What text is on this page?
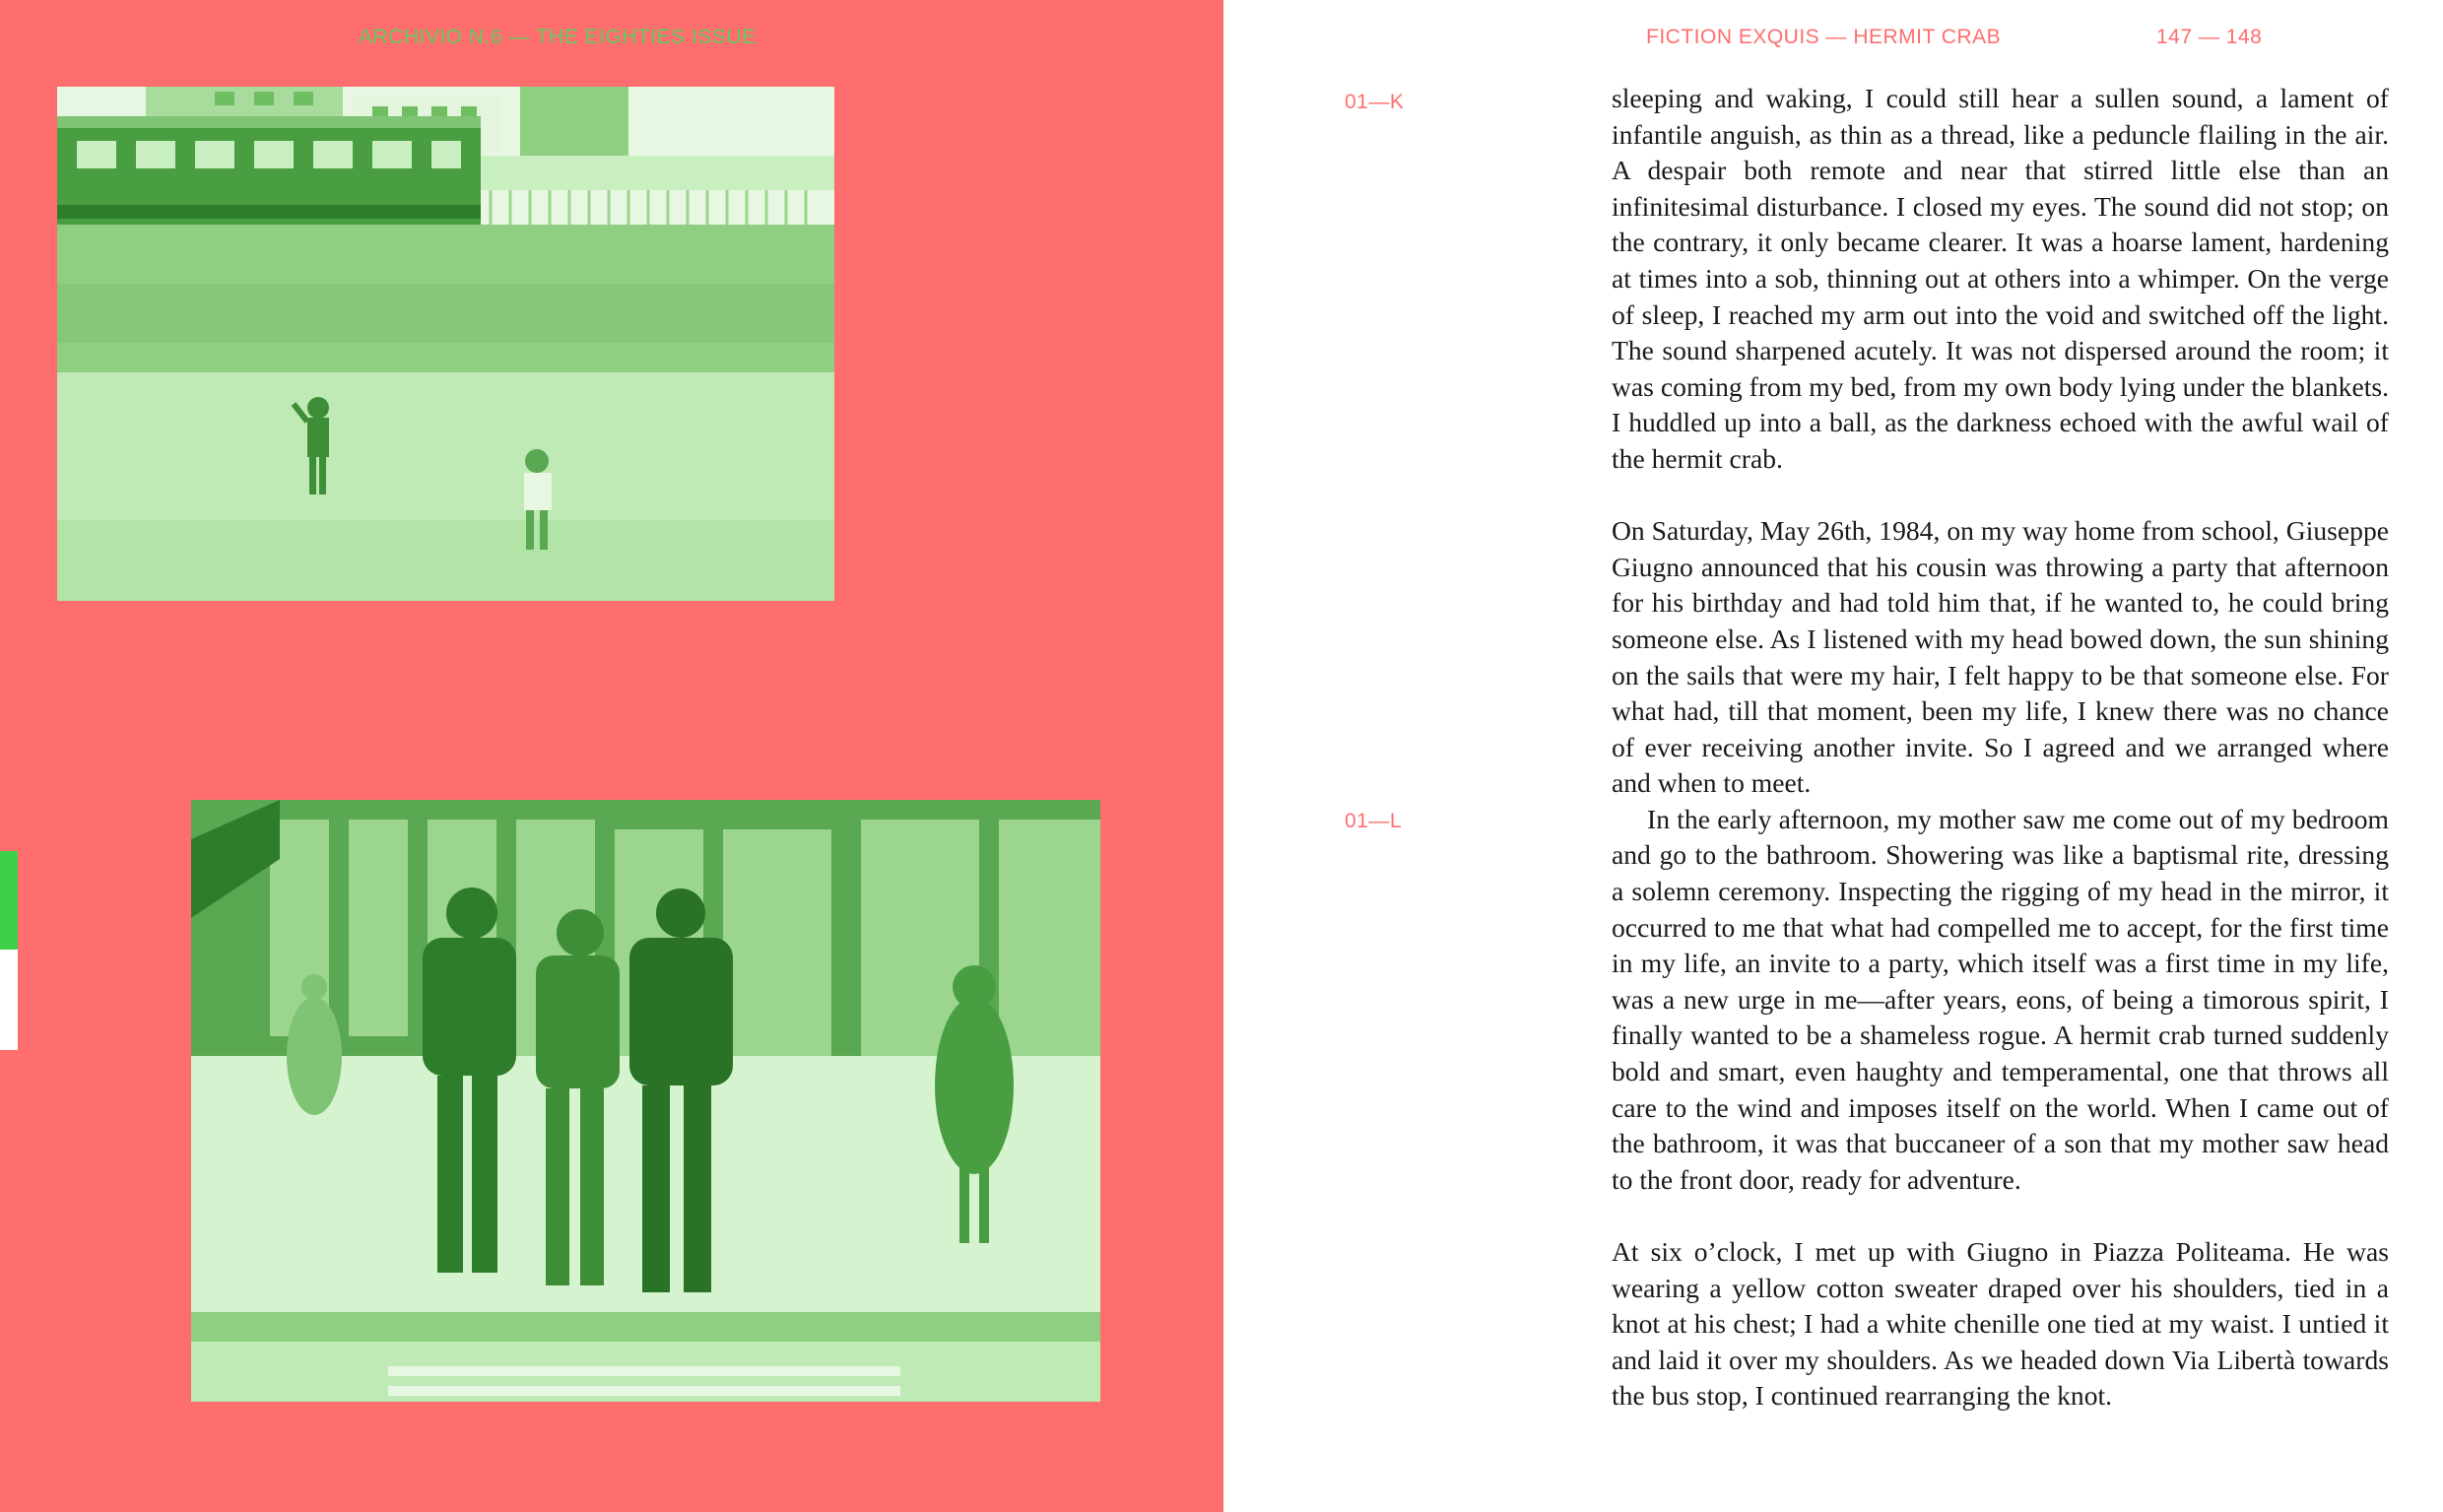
ARCHIVIO N.6 — THE EIGHTIES ISSUE	FICTION EXQUIS — HERMIT CRAB	147 — 148
01—K
01—L

sleeping and waking, I could still hear a sullen sound, a lament of infantile anguish, as thin as a thread, like a peduncle flailing in the air. A despair both remote and near that stirred little else than an infinitesimal disturbance. I closed my eyes. The sound did not stop; on the contrary, it only became clearer. It was a hoarse lament, hardening at times into a sob, thinning out at others into a whimper. On the verge of sleep, I reached my arm out into the void and switched off the light. The sound sharpened acutely. It was not dispersed around the room; it was coming from my bed, from my own body lying under the blankets. I huddled up into a ball, as the darkness echoed with the awful wail of the hermit crab.

On Saturday, May 26th, 1984, on my way home from school, Giuseppe Giugno announced that his cousin was throwing a party that afternoon for his birthday and had told him that, if he wanted to, he could bring someone else. As I listened with my head bowed down, the sun shining on the sails that were my hair, I felt happy to be that someone else. For what had, till that moment, been my life, I knew there was no chance of ever receiving another invite. So I agreed and we arranged where and when to meet.

In the early afternoon, my mother saw me come out of my bedroom and go to the bathroom. Showering was like a baptismal rite, dressing a solemn ceremony. Inspecting the rigging of my head in the mirror, it occurred to me that what had compelled me to accept, for the first time in my life, an invite to a party, which itself was a first time in my life, was a new urge in me—after years, eons, of being a timorous spirit, I finally wanted to be a shameless rogue. A hermit crab turned suddenly bold and smart, even haughty and temperamental, one that throws all care to the wind and imposes itself on the world. When I came out of the bathroom, it was that buccaneer of a son that my mother saw head to the front door, ready for adventure.

At six o’clock, I met up with Giugno in Piazza Politeama. He was wearing a yellow cotton sweater draped over his shoulders, tied in a knot at his chest; I had a white chenille one tied at my waist. I untied it and laid it over my shoulders. As we headed down Via Libertà towards the bus stop, I continued rearranging the knot.
